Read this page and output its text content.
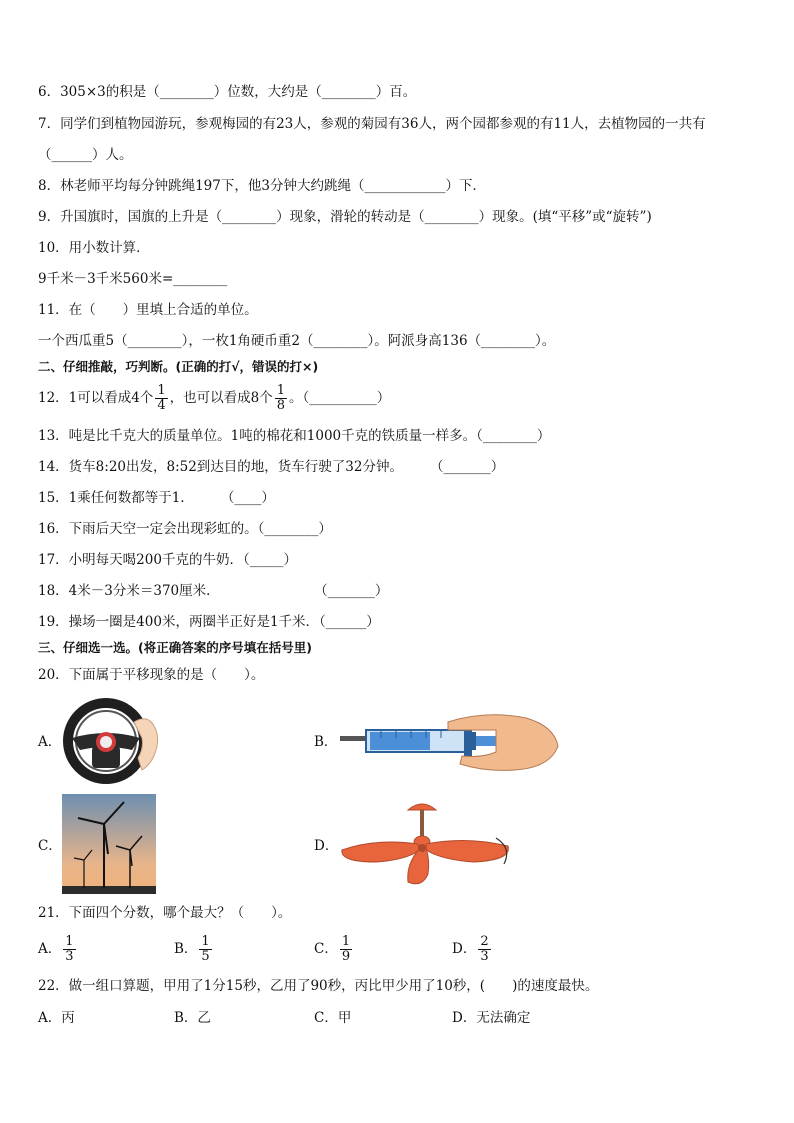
6．305×3的积是（________）位数，大约是（________）百。
7．同学们到植物园游玩，参观梅园的有23人，参观的菊园有36人，两个园都参观的有11人，去植物园的一共有
（______）人。
8．林老师平均每分钟跳绳197下，他3分钟大约跳绳（____________）下．
9．升国旗时，国旗的上升是（________）现象，滑轮的转动是（________）现象。(填“平移”或“旋转”)
10．用小数计算．
9千米－3千米560米=________
11．在（　　）里填上合适的单位。
一个西瓜重5（________），一枚1角硬币重2（________）。阿派身高136（________）。
二、仔细推敲，巧判断。(正确的打√，错误的打×)
12．1可以看成4个 $\frac{1}{4}$ ，也可以看成8个 $\frac{1}{8}$ 。（__________）
13．吨是比千克大的质量单位。1吨的棉花和1000千克的铁质量一样多。（________）
14．货车8:20出发，8:52到达目的地，货车行驶了32分钟。　　　（_______）
15．1乘任何数都等于1．　　　（____）
16．下雨后天空一定会出现彩虹的。（________）
17．小明每天喝200千克的牛奶．（_____）
18．4米－3分米＝370厘米．　　　　　　　　（_______）
19．操场一圈是400米，两圈半正好是1千米．（______）
三、仔细选一选。(将正确答案的序号填在括号里)
20．下面属于平移现象的是（　　）。
A．	B．
C．	D．
21．下面四个分数，哪个最大？（　　）。
A． $\frac{1}{3}$	B． $\frac{1}{5}$	C． $\frac{1}{9}$	D． $\frac{2}{3}$
22．做一组口算题，甲用了1分15秒，乙用了90秒，丙比甲少用了10秒，(　　)的速度最快。
A．丙	B．乙	C．甲	D．无法确定
